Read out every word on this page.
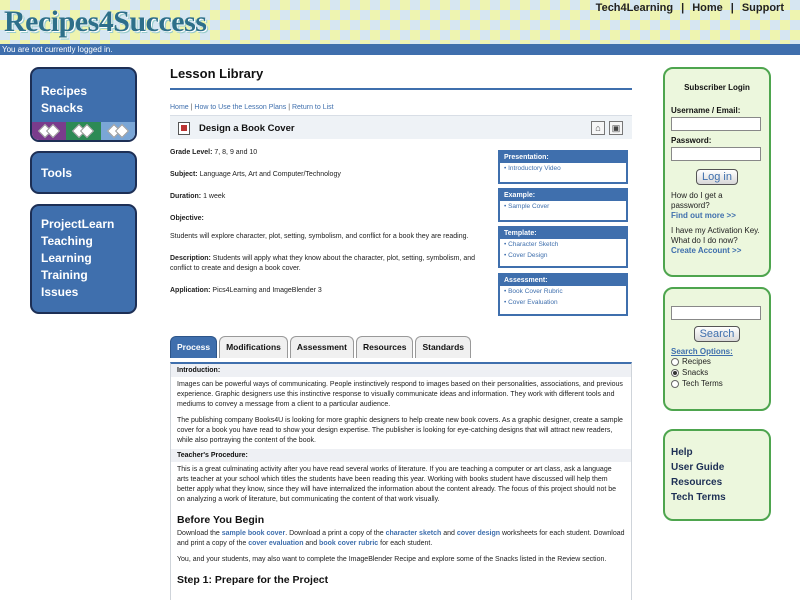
Recipes4Success	Tech4Learning | Home | Support
You are not currently logged in.
Recipes
Snacks
Tools
ProjectLearn
Teaching
Learning
Training
Issues
Lesson Library
Home | How to Use the Lesson Plans | Return to List
Design a Book Cover	⌂	▣

Grade Level: 7, 8, 9 and 10

Subject: Language Arts, Art and Computer/Technology

Duration: 1 week

Objective:

Students will explore character, plot, setting, symbolism, and conflict for a book they are reading.

Description: Students will apply what they know about the character, plot, setting, symbolism, and conflict to create and design a book cover.

Application: Pics4Learning and ImageBlender 3

Presentation:
• Introductory Video
Example:
• Sample Cover
Template:
• Character Sketch
• Cover Design
Assessment:
• Book Cover Rubric
• Cover Evaluation
Process	Modifications	Assessment	Resources	Standards
Introduction:

Images can be powerful ways of communicating. People instinctively respond to images based on their personalities, associations, and previous experience. Graphic designers use this instinctive response to visually communicate ideas and information. They work with different tools and mediums to convey a message from a client to a particular audience.

The publishing company Books4U is looking for more graphic designers to help create new book covers. As a graphic designer, create a sample cover for a book you have read to show your design expertise. The publisher is looking for eye-catching designs that will attract new readers, while also portraying the content of the book.

Teacher's Procedure:

This is a great culminating activity after you have read several works of literature. If you are teaching a computer or art class, ask a language arts teacher at your school which titles the students have been reading this year. Working with books student have discussed will help them better apply what they know, since they will have internalized the information about the content already. The focus of this project should not be on analyzing a work of literature, but communicating the content of that work visually.

Before You Begin

Download the sample book cover. Download a print a copy of the character sketch and cover design worksheets for each student. Download and print a copy of the cover evaluation and book cover rubric for each student.

You, and your students, may also want to complete the ImageBlender Recipe and explore some of the Snacks listed in the Review section.

Step 1: Prepare for the Project
Subscriber Login
Username / Email:
Password:
Log in
How do I get a password?
Find out more >>
I have my Activation Key. What do I do now?
Create Account >>
Search
Search Options:
Recipes
Snacks
Tech Terms
Help
User Guide
Resources
Tech Terms
